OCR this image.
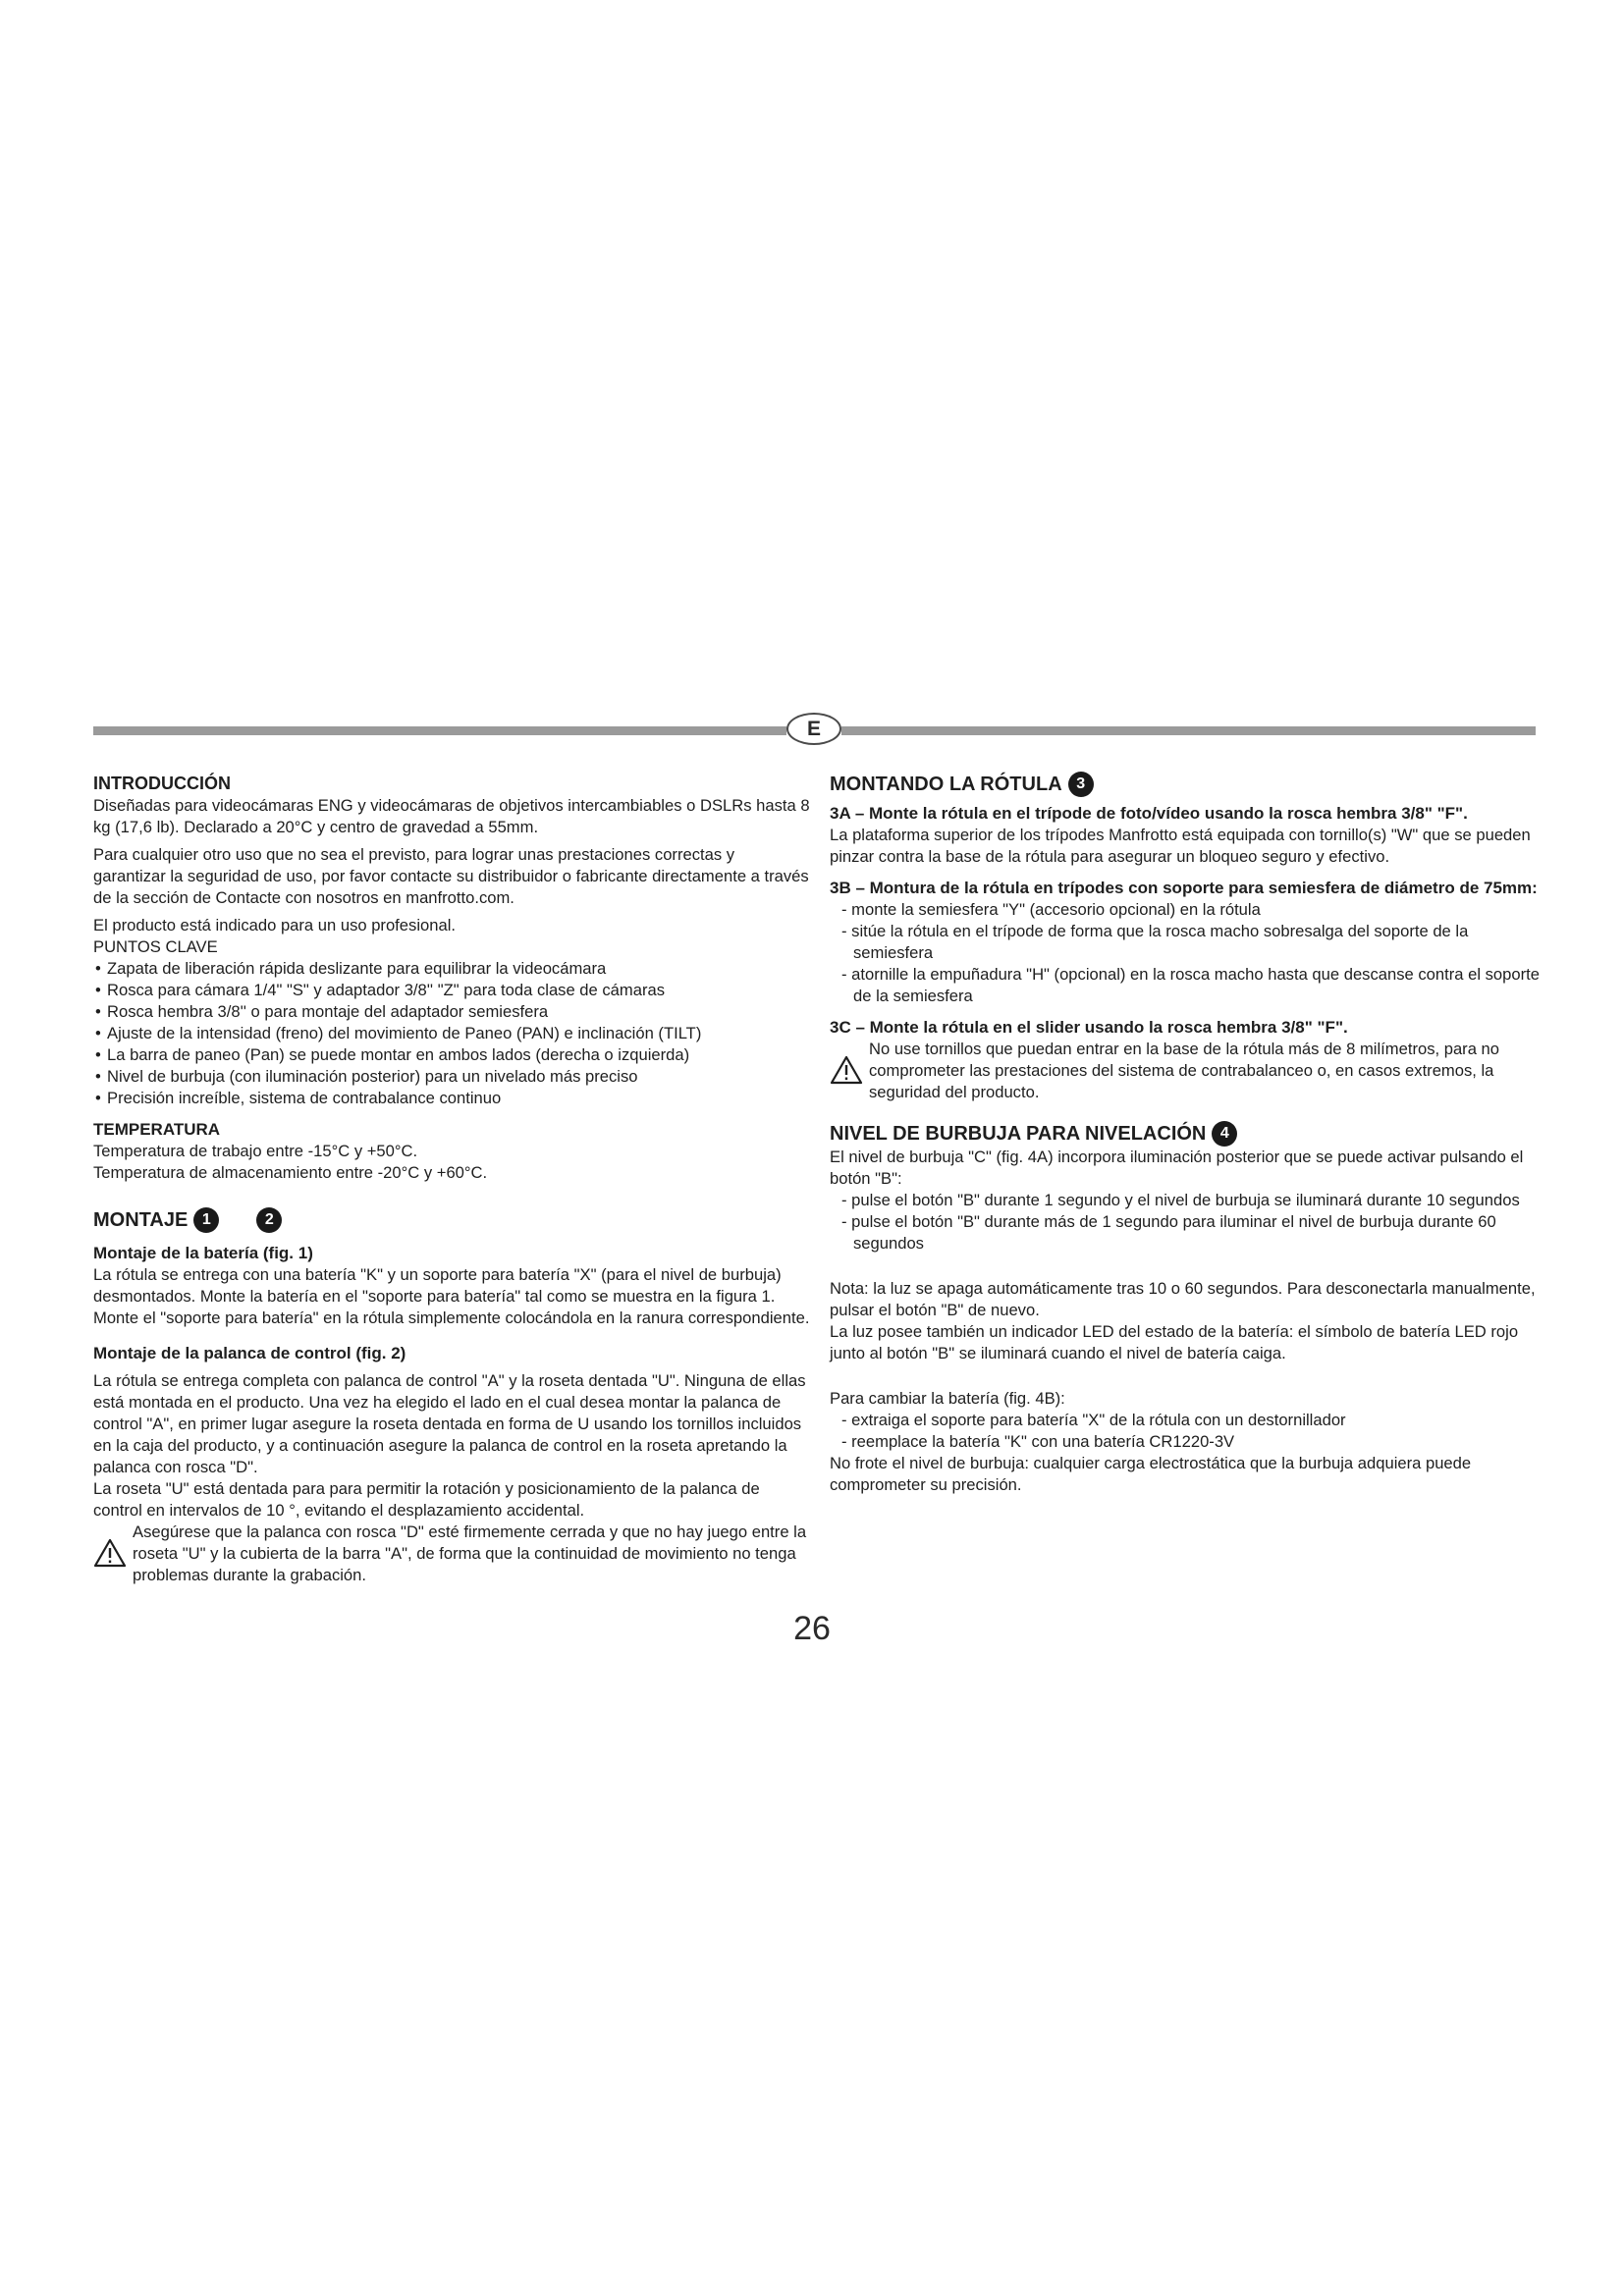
E
INTRODUCCIÓN

Diseñadas para videocámaras ENG y videocámaras de objetivos intercambiables o DSLRs hasta 8 kg (17,6 lb). Declarado a 20°C y centro de gravedad a 55mm.

Para cualquier otro uso que no sea el previsto, para lograr unas prestaciones correctas y garantizar la seguridad de uso, por favor contacte su distribuidor o fabricante directamente a través de la sección de Contacte con nosotros en manfrotto.com.

El producto está indicado para un uso profesional.

PUNTOS CLAVE

• Zapata de liberación rápida deslizante para equilibrar la videocámara
• Rosca para cámara 1/4" "S" y adaptador 3/8'' "Z" para toda clase de cámaras
• Rosca hembra 3/8'' o para montaje del adaptador semiesfera
• Ajuste de la intensidad (freno) del movimiento de Paneo (PAN) e inclinación (TILT)
• La barra de paneo (Pan) se puede montar en ambos lados (derecha o izquierda)
• Nivel de burbuja (con iluminación posterior) para un nivelado más preciso
• Precisión increíble, sistema de contrabalance continuo
TEMPERATURA

Temperatura de trabajo entre -15°C y +50°C.

Temperatura de almacenamiento entre -20°C y +60°C.

MONTAJE 1	2
Montaje de la batería (fig. 1)

La rótula se entrega con una batería "K" y un soporte para batería "X" (para el nivel de burbuja) desmontados. Monte la batería en el "soporte para batería" tal como se muestra en la figura 1. Monte el "soporte para batería" en la rótula simplemente colocándola en la ranura correspondiente.

Montaje de la palanca de control (fig. 2)

La rótula se entrega completa con palanca de control "A" y la roseta dentada "U". Ninguna de ellas está montada en el producto. Una vez ha elegido el lado en el cual desea montar la palanca de control "A", en primer lugar asegure la roseta dentada en forma de U usando los tornillos incluidos en la caja del producto, y a continuación asegure la palanca de control en la roseta apretando la palanca con rosca "D".

La roseta "U" está dentada para para permitir la rotación y posicionamiento de la palanca de control en intervalos de 10 °, evitando el desplazamiento accidental.

Asegúrese que la palanca con rosca "D" esté firmemente cerrada y que no hay juego entre la roseta "U" y la cubierta de la barra "A", de forma que la continuidad de movimiento no tenga problemas durante la grabación.

MONTANDO LA RÓTULA 3
3A – Monte la rótula en el trípode de foto/vídeo usando la rosca hembra 3/8" "F".

La plataforma superior de los trípodes Manfrotto está equipada con tornillo(s) "W" que se pueden pinzar contra la base de la rótula para asegurar un bloqueo seguro y efectivo.

3B – Montura de la rótula en trípodes con soporte para semiesfera de diámetro de 75mm:
- monte la semiesfera "Y" (accesorio opcional) en la rótula
- sitúe la rótula en el trípode de forma que la rosca macho sobresalga del soporte de la semiesfera
- atornille la empuñadura "H" (opcional) en la rosca macho hasta que descanse contra el soporte de la semiesfera
3C – Monte la rótula en el slider usando la rosca hembra 3/8" "F".

No use tornillos que puedan entrar en la base de la rótula más de 8 milímetros, para no comprometer las prestaciones del sistema de contrabalanceo o, en casos extremos, la seguridad del producto.

NIVEL DE BURBUJA PARA NIVELACIÓN 4

El nivel de burbuja "C" (fig. 4A) incorpora iluminación posterior que se puede activar pulsando el botón "B":

- pulse el botón "B" durante 1 segundo y el nivel de burbuja se iluminará durante 10 segundos
- pulse el botón "B" durante más de 1 segundo para iluminar el nivel de burbuja durante 60 segundos

Nota: la luz se apaga automáticamente tras 10 o 60 segundos. Para desconectarla manualmente, pulsar el botón "B" de nuevo.

La luz posee también un indicador LED del estado de la batería: el símbolo de batería LED rojo junto al botón "B" se iluminará cuando el nivel de batería caiga.

Para cambiar la batería (fig. 4B):

- extraiga el soporte para batería "X" de la rótula con un destornillador
- reemplace la batería "K" con una batería CR1220-3V

No frote el nivel de burbuja: cualquier carga electrostática que la burbuja adquiera puede comprometer su precisión.

26
